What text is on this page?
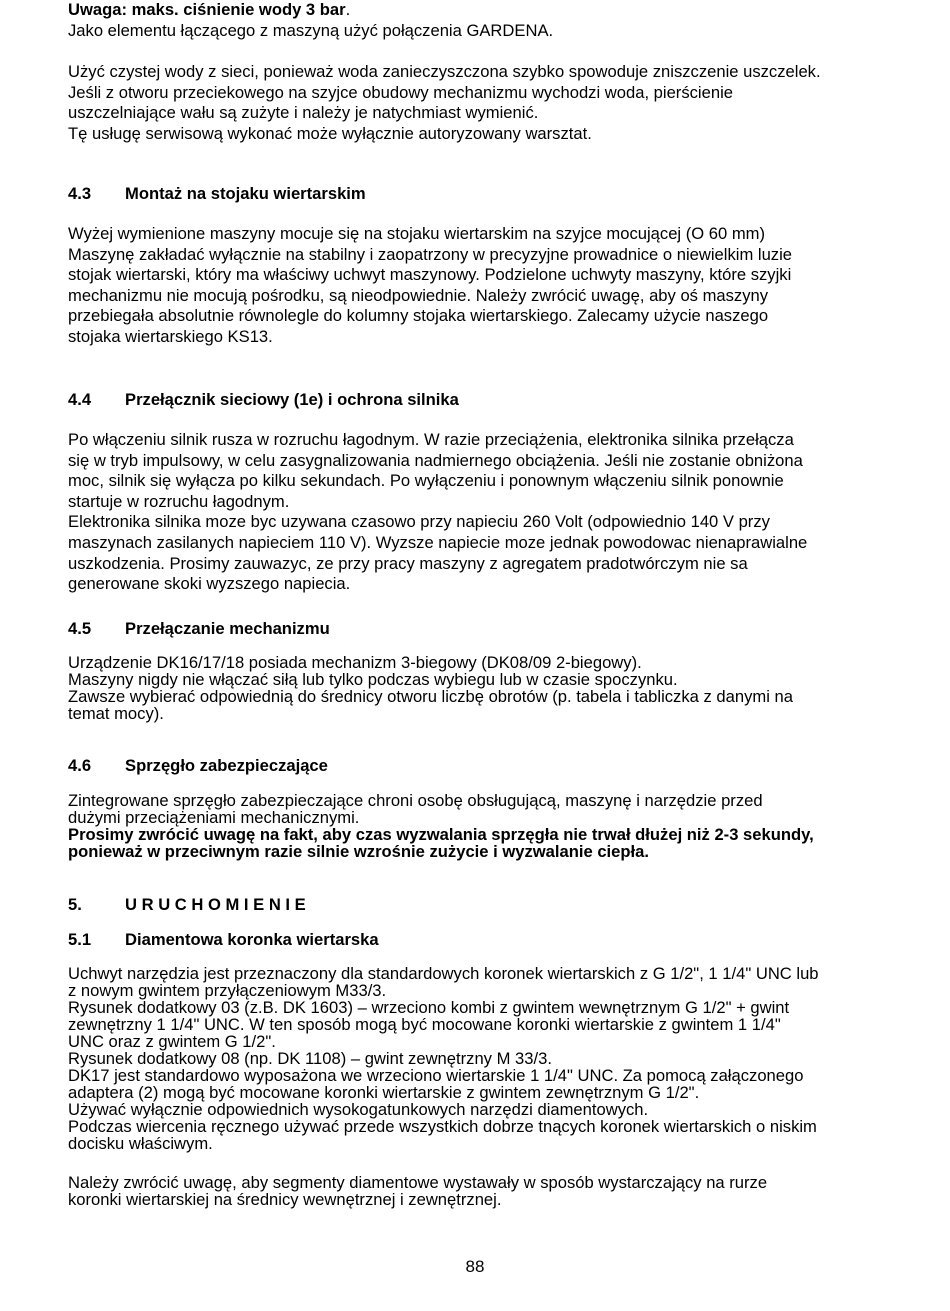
Uwaga: maks. ciśnienie wody 3 bar.
Jako elementu łączącego z maszyną użyć połączenia GARDENA.
Użyć czystej wody z sieci, ponieważ woda zanieczyszczona szybko spowoduje zniszczenie uszczelek.
Jeśli z otworu przeciekowego na szyjce obudowy mechanizmu wychodzi woda, pierścienie
uszczelniające wału są zużyte i należy je natychmiast wymienić.
Tę usługę serwisową wykonać może wyłącznie autoryzowany warsztat.
4.3	Montaż na stojaku wiertarskim
Wyżej wymienione maszyny mocuje się na stojaku wiertarskim na szyjce mocującej (O 60 mm)
Maszynę zakładać wyłącznie na stabilny i zaopatrzony w precyzyjne prowadnice o niewielkim luzie
stojak wiertarski, który ma właściwy uchwyt maszynowy. Podzielone uchwyty maszyny, które szyjki
mechanizmu nie mocują pośrodku, są nieodpowiednie. Należy zwrócić uwagę, aby oś maszyny
przebiegała absolutnie równolegle do kolumny stojaka wiertarskiego. Zalecamy użycie naszego
stojaka wiertarskiego KS13.
4.4	Przełącznik sieciowy (1e) i ochrona silnika
Po włączeniu silnik rusza w rozruchu łagodnym. W razie przeciążenia, elektronika silnika przełącza
się w tryb impulsowy, w celu zasygnalizowania nadmiernego obciążenia. Jeśli nie zostanie obniżona
moc, silnik się wyłącza po kilku sekundach. Po wyłączeniu i ponownym włączeniu silnik ponownie
startuje w rozruchu łagodnym.
Elektronika silnika moze byc uzywana czasowo przy napieciu 260 Volt (odpowiednio 140 V przy
maszynach zasilanych napieciem 110 V). Wyzsze napiecie moze jednak powodowac nienaprawialne
uszkodzenia. Prosimy zauwazyc, ze przy pracy maszyny z agregatem pradotwórczym nie sa
generowane skoki wyzszego napiecia.
4.5	Przełączanie mechanizmu
Urządzenie DK16/17/18 posiada mechanizm 3-biegowy (DK08/09 2-biegowy).
Maszyny nigdy nie włączać siłą lub tylko podczas wybiegu lub w czasie spoczynku.
Zawsze wybierać odpowiednią do średnicy otworu liczbę obrotów (p. tabela i tabliczka z danymi na
temat mocy).
4.6	Sprzęgło zabezpieczające
Zintegrowane sprzęgło zabezpieczające chroni osobę obsługującą, maszynę i narzędzie przed
dużymi przeciążeniami mechanicznymi.
Prosimy zwrócić uwagę na fakt, aby czas wyzwalania sprzęgła nie trwał dłużej niż 2-3 sekundy,
ponieważ w przeciwnym razie silnie wzrośnie zużycie i wyzwalanie ciepła.
5.	U R U C H O M I E N I E
5.1	Diamentowa koronka wiertarska
Uchwyt narzędzia jest przeznaczony dla standardowych koronek wiertarskich z G 1/2", 1 1/4" UNC lub
z nowym gwintem przyłączeniowym M33/3.
Rysunek dodatkowy 03 (z.B. DK 1603) – wrzeciono kombi z gwintem wewnętrznym G 1/2" + gwint
zewnętrzny 1 1/4" UNC. W ten sposób mogą być mocowane koronki wiertarskie z gwintem 1 1/4"
UNC oraz z gwintem G 1/2".
Rysunek dodatkowy 08 (np. DK 1108) – gwint zewnętrzny M 33/3.
DK17 jest standardowo wyposażona we wrzeciono wiertarskie 1 1/4" UNC. Za pomocą załączonego
adaptera (2) mogą być mocowane koronki wiertarskie z gwintem zewnętrznym G 1/2".
Używać wyłącznie odpowiednich wysokogatunkowych narzędzi diamentowych.
Podczas wiercenia ręcznego używać przede wszystkich dobrze tnących koronek wiertarskich o niskim
docisku właściwym.
Należy zwrócić uwagę, aby segmenty diamentowe wystawały w sposób wystarczający na rurze
koronki wiertarskiej na średnicy wewnętrznej i zewnętrznej.
88
